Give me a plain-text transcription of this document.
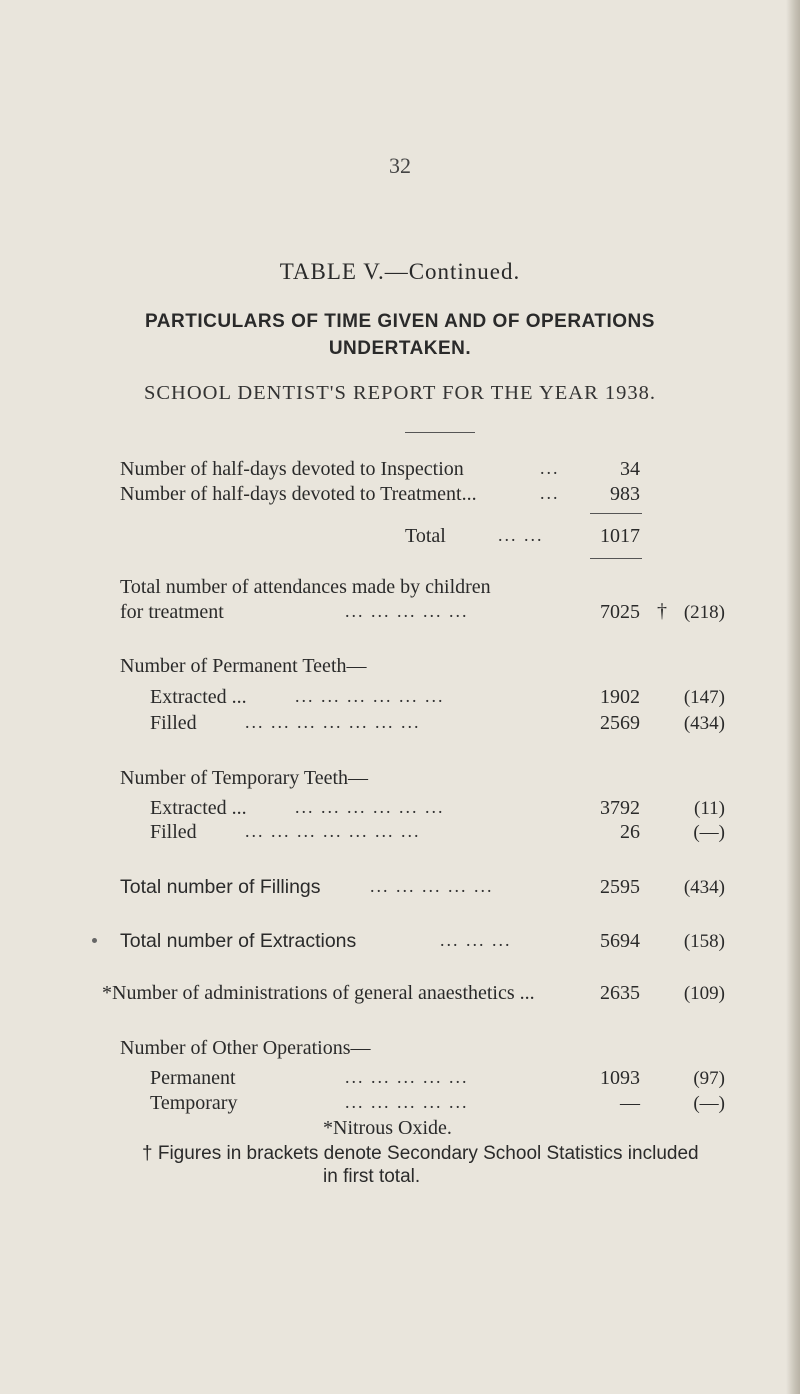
32
TABLE V.—Continued.
PARTICULARS OF TIME GIVEN AND OF OPERATIONS
UNDERTAKEN.
SCHOOL DENTIST'S REPORT FOR THE YEAR 1938.
Number of half-days devoted to Inspection	...	34
Number of half-days devoted to Treatment...	...	983
Total	... ...	1017
Total number of attendances made by children
for treatment	... ... ... ... ...	7025 † (218)
Number of Permanent Teeth—
Extracted ...	... ... ... ... ... ...	1902	(147)
Filled	... ... ... ... ... ... ...	2569	(434)
Number of Temporary Teeth—
Extracted ...	... ... ... ... ... ...	3792	(11)
Filled	... ... ... ... ... ... ...	26	(—)
Total number of Fillings	... ... ... ... ...	2595	(434)
Total number of Extractions	... ... ...	5694	(158)
*Number of administrations of general anaesthetics ...	2635	(109)
Number of Other Operations—
Permanent	... ... ... ... ...	1093	(97)
Temporary	... ... ... ... ...	—	(—)
*Nitrous Oxide.
† Figures in brackets denote Secondary School Statistics included
in first total.
